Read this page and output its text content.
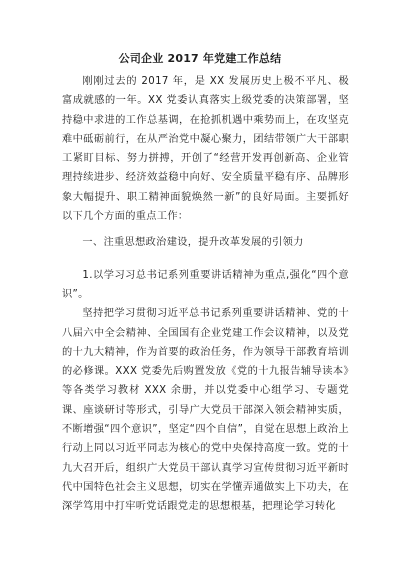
公司企业 2017 年党建工作总结

刚刚过去的 2017 年，是 XX 发展历史上极不平凡、极富成就感的一年。XX 党委认真落实上级党委的决策部署，坚持稳中求进的工作总基调，在抢抓机遇中乘势而上，在攻坚克难中砥砺前行，在从严治党中凝心聚力，团结带领广大干部职工紧盯目标、努力拼搏，开创了“经营开发再创新高、企业管理持续进步、经济效益稳中向好、安全质量平稳有序、品牌形象大幅提升、职工精神面貌焕然一新”的良好局面。主要抓好以下几个方面的重点工作：

一、注重思想政治建设，提升改革发展的引领力

1.以学习习总书记系列重要讲话精神为重点,强化“四个意识”。

坚持把学习贯彻习近平总书记系列重要讲话精神、党的十八届六中全会精神、全国国有企业党建工作会议精神，以及党的十九大精神，作为首要的政治任务，作为领导干部教育培训的必修课。XXX 党委先后购置发放《党的十九报告辅导读本》等各类学习教材 XXX 余册，并以党委中心组学习、专题党课、座谈研讨等形式，引导广大党员干部深入领会精神实质，不断增强“四个意识”，坚定“四个自信”，自觉在思想上政治上行动上同以习近平同志为核心的党中央保持高度一致。党的十九大召开后，组织广大党员干部认真学习宣传贯彻习近平新时代中国特色社会主义思想，切实在学懂弄通做实上下功夫，在深学笃用中打牢听党话跟党走的思想根基，把理论学习转化
